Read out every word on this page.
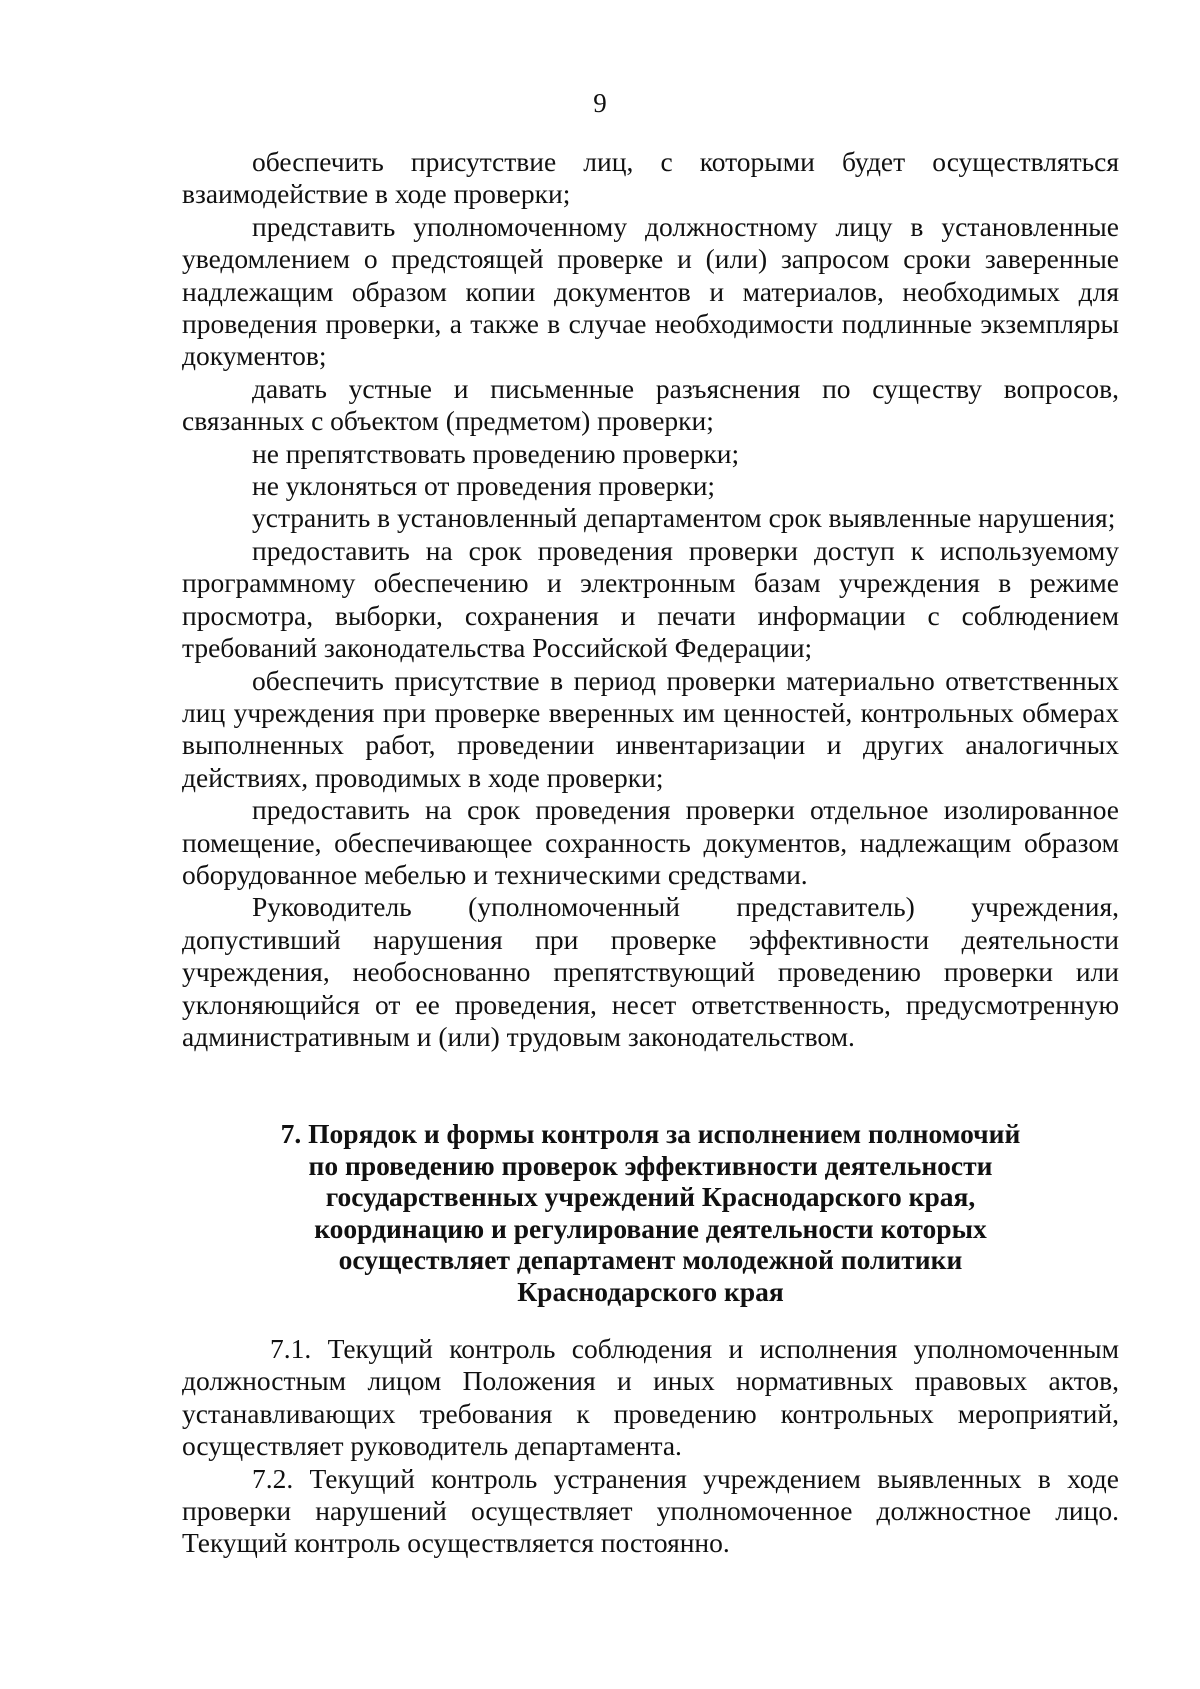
9

обеспечить присутствие лиц, с которыми будет осуществляться взаимодействие в ходе проверки;

представить уполномоченному должностному лицу в установленные уведомлением о предстоящей проверке и (или) запросом сроки заверенные надлежащим образом копии документов и материалов, необходимых для проведения проверки, а также в случае необходимости подлинные экземпляры документов;

давать устные и письменные разъяснения по существу вопросов, связанных с объектом (предметом) проверки;

не препятствовать проведению проверки;

не уклоняться от проведения проверки;

устранить в установленный департаментом срок выявленные нарушения;

предоставить на срок проведения проверки доступ к используемому программному обеспечению и электронным базам учреждения в режиме просмотра, выборки, сохранения и печати информации с соблюдением требований законодательства Российской Федерации;

обеспечить присутствие в период проверки материально ответственных лиц учреждения при проверке вверенных им ценностей, контрольных обмерах выполненных работ, проведении инвентаризации и других аналогичных действиях, проводимых в ходе проверки;

предоставить на срок проведения проверки отдельное изолированное помещение, обеспечивающее сохранность документов, надлежащим образом оборудованное мебелью и техническими средствами.

Руководитель (уполномоченный представитель) учреждения, допустивший нарушения при проверке эффективности деятельности учреждения, необоснованно препятствующий проведению проверки или уклоняющийся от ее проведения, несет ответственность, предусмотренную административным и (или) трудовым законодательством.

7. Порядок и формы контроля за исполнением полномочий
по проведению проверок эффективности деятельности
государственных учреждений Краснодарского края,
координацию и регулирование деятельности которых
осуществляет департамент молодежной политики
Краснодарского края

7.1. Текущий контроль соблюдения и исполнения уполномоченным должностным лицом Положения и иных нормативных правовых актов, устанавливающих требования к проведению контрольных мероприятий, осуществляет руководитель департамента.

7.2. Текущий контроль устранения учреждением выявленных в ходе проверки нарушений осуществляет уполномоченное должностное лицо. Текущий контроль осуществляется постоянно.
